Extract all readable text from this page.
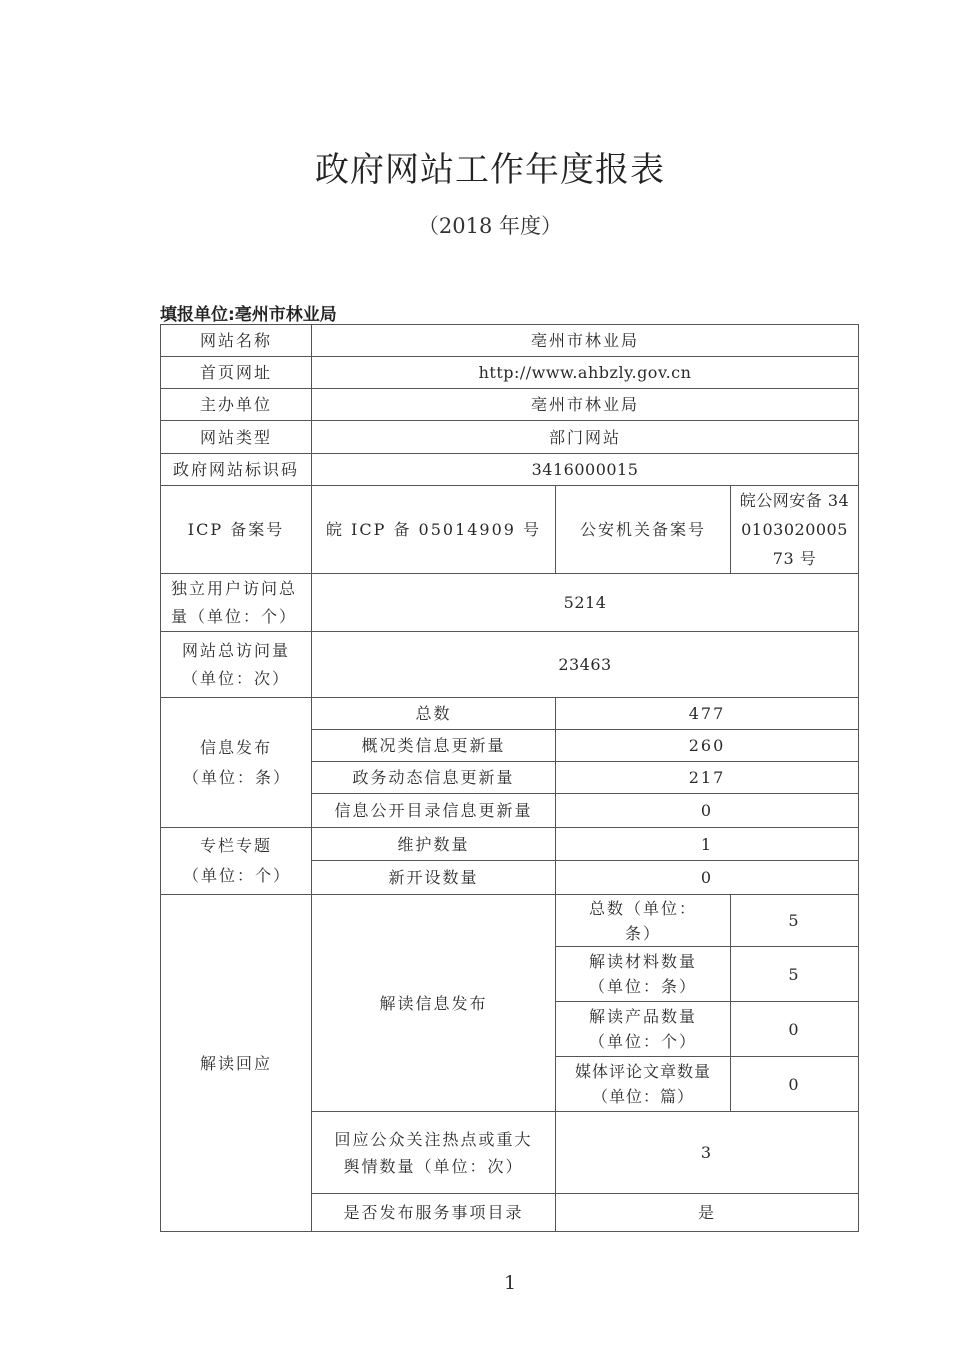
政府网站工作年度报表
（2018 年度）
填报单位:亳州市林业局
网站名称	亳州市林业局		
首页网址	http://www.ahbzly.gov.cn		
主办单位	亳州市林业局		
网站类型	部门网站		
政府网站标识码	3416000015		
ICP 备案号	皖 ICP 备 05014909 号	公安机关备案号	皖公网安备 34010302000573 号
独立用户访问总量（单位：个）	5214		
网站总访问量（单位：次）	23463		
信息发布（单位：条）	总数	477	
	概况类信息更新量	260	
	政务动态信息更新量	217	
	信息公开目录信息更新量	0	
专栏专题（单位：个）	维护数量	1	
	新开设数量	0	
解读回应	解读信息发布	总数（单位：条）	5
		解读材料数量（单位：条）	5
		解读产品数量（单位：个）	0
		媒体评论文章数量（单位：篇）	0
	回应公众关注热点或重大舆情数量（单位：次）	3	
	是否发布服务事项目录	是	
1
